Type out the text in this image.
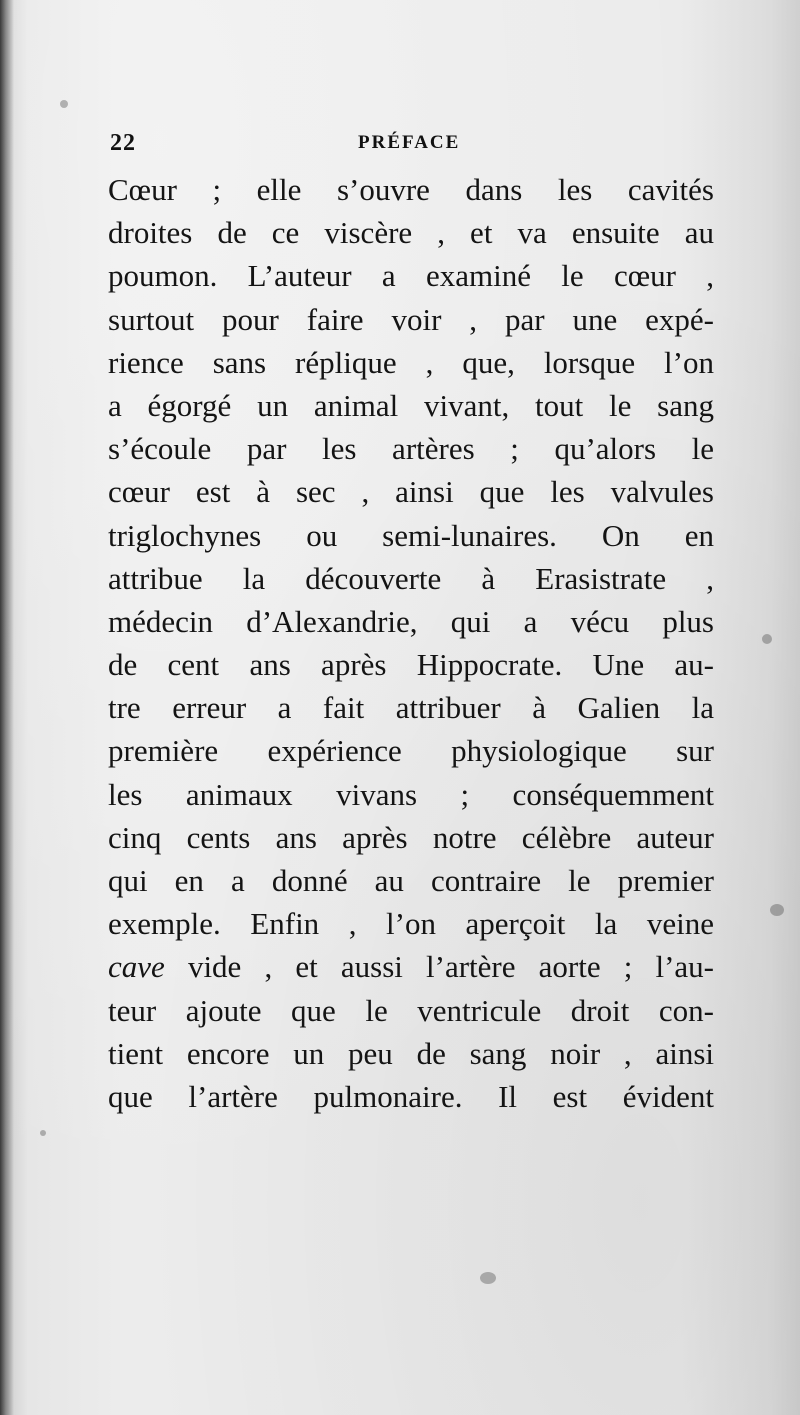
22	PRÉFACE
Cœur ; elle s’ouvre dans les cavités
droites de ce viscère , et va ensuite au
poumon. L’auteur a examiné le cœur ,
surtout pour faire voir , par une expé-
rience sans réplique , que, lorsque l’on
a égorgé un animal vivant, tout le sang
s’écoule par les artères ; qu’alors le
cœur est à sec , ainsi que les valvules
triglochynes ou semi-lunaires. On en
attribue la découverte à Erasistrate ,
médecin d’Alexandrie, qui a vécu plus
de cent ans après Hippocrate. Une au-
tre erreur a fait attribuer à Galien la
première expérience physiologique sur
les animaux vivans ; conséquemment
cinq cents ans après notre célèbre auteur
qui en a donné au contraire le premier
exemple. Enfin , l’on aperçoit la veine
cave vide , et aussi l’artère aorte ; l’au-
teur ajoute que le ventricule droit con-
tient encore un peu de sang noir , ainsi
que l’artère pulmonaire. Il est évident
